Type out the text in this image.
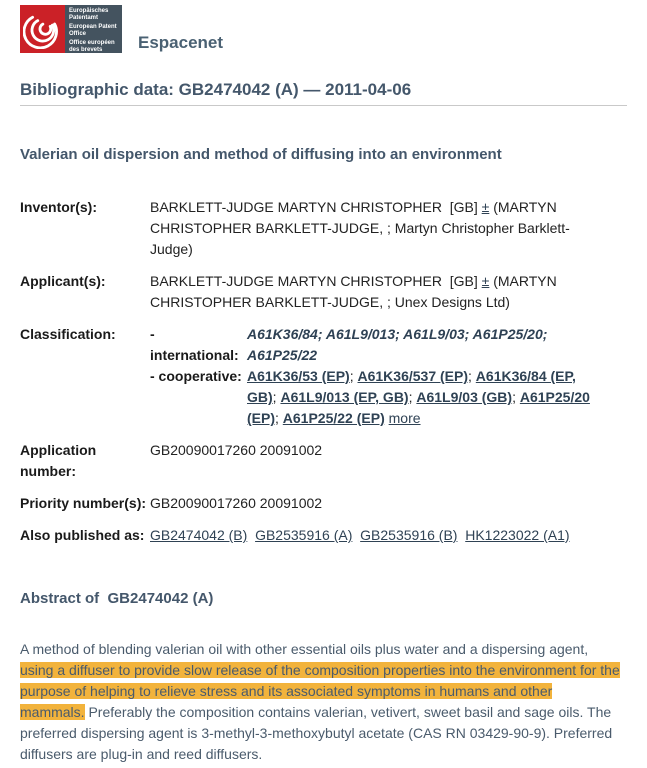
Europäisches Patentamt
European Patent Office
Office européen des brevets	Espacenet
Bibliographic data: GB2474042 (A) — 2011-04-06
Valerian oil dispersion and method of diffusing into an environment
Inventor(s):	BARKLETT-JUDGE MARTYN CHRISTOPHER  [GB] ± (MARTYN CHRISTOPHER BARKLETT-JUDGE, ; Martyn Christopher Barklett-Judge)
Applicant(s):	BARKLETT-JUDGE MARTYN CHRISTOPHER  [GB] ± (MARTYN CHRISTOPHER BARKLETT-JUDGE, ; Unex Designs Ltd)
Classification:	- international:
A61K36/84; A61L9/013; A61L9/03; A61P25/20; A61P25/22
- cooperative: A61K36/53 (EP); A61K36/537 (EP); A61K36/84 (EP, GB); A61L9/013 (EP, GB); A61L9/03 (GB); A61P25/20 (EP); A61P25/22 (EP) more
Application number:
GB20090017260 20091002
Priority number(s): GB20090017260 20091002
Also published as: GB2474042 (B) GB2535916 (A) GB2535916 (B) HK1223022 (A1)
Abstract of  GB2474042 (A)
A method of blending valerian oil with other essential oils plus water and a dispersing agent, using a diffuser to provide slow release of the composition properties into the environment for the purpose of helping to relieve stress and its associated symptoms in humans and other mammals. Preferably the composition contains valerian, vetivert, sweet basil and sage oils. The preferred dispersing agent is 3-methyl-3-methoxybutyl acetate (CAS RN 03429-90-9). Preferred diffusers are plug-in and reed diffusers.
